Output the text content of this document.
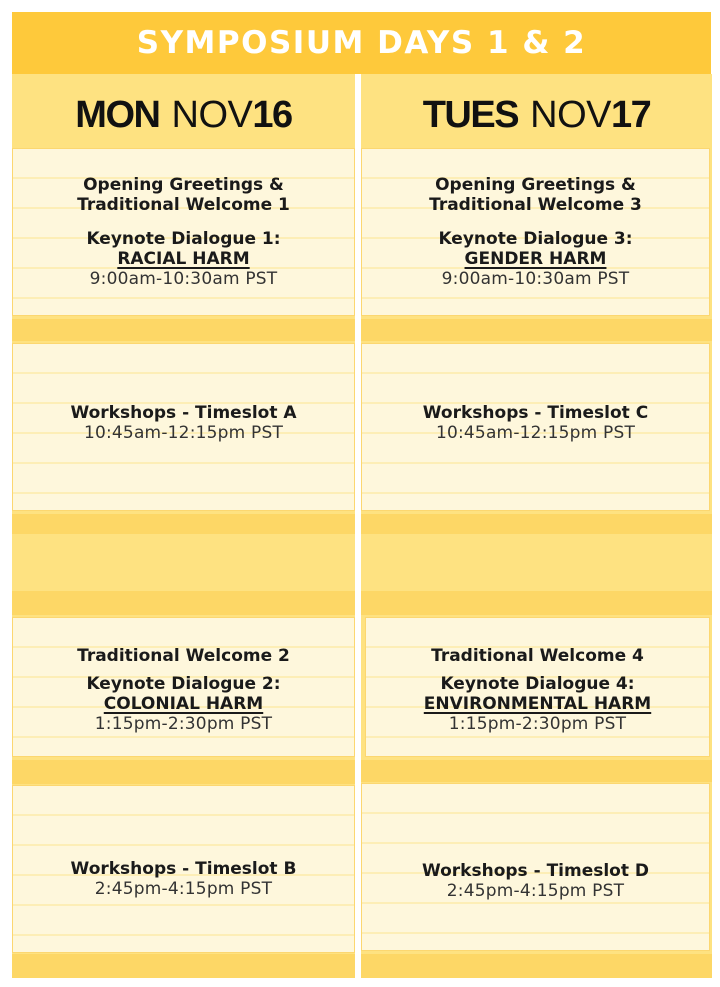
SYMPOSIUM DAYS 1 & 2
MON NOV16
Opening Greetings &
Traditional Welcome 1
Keynote Dialogue 1:
RACIAL HARM
9:00am-10:30am PST
Workshops - Timeslot A
10:45am-12:15pm PST
Traditional Welcome 2
Keynote Dialogue 2:
COLONIAL HARM
1:15pm-2:30pm PST
Workshops - Timeslot B
2:45pm-4:15pm PST
TUES NOV17
Opening Greetings &
Traditional Welcome 3
Keynote Dialogue 3:
GENDER HARM
9:00am-10:30am PST
Workshops - Timeslot C
10:45am-12:15pm PST
Traditional Welcome 4
Keynote Dialogue 4:
ENVIRONMENTAL HARM
1:15pm-2:30pm PST
Workshops - Timeslot D
2:45pm-4:15pm PST
